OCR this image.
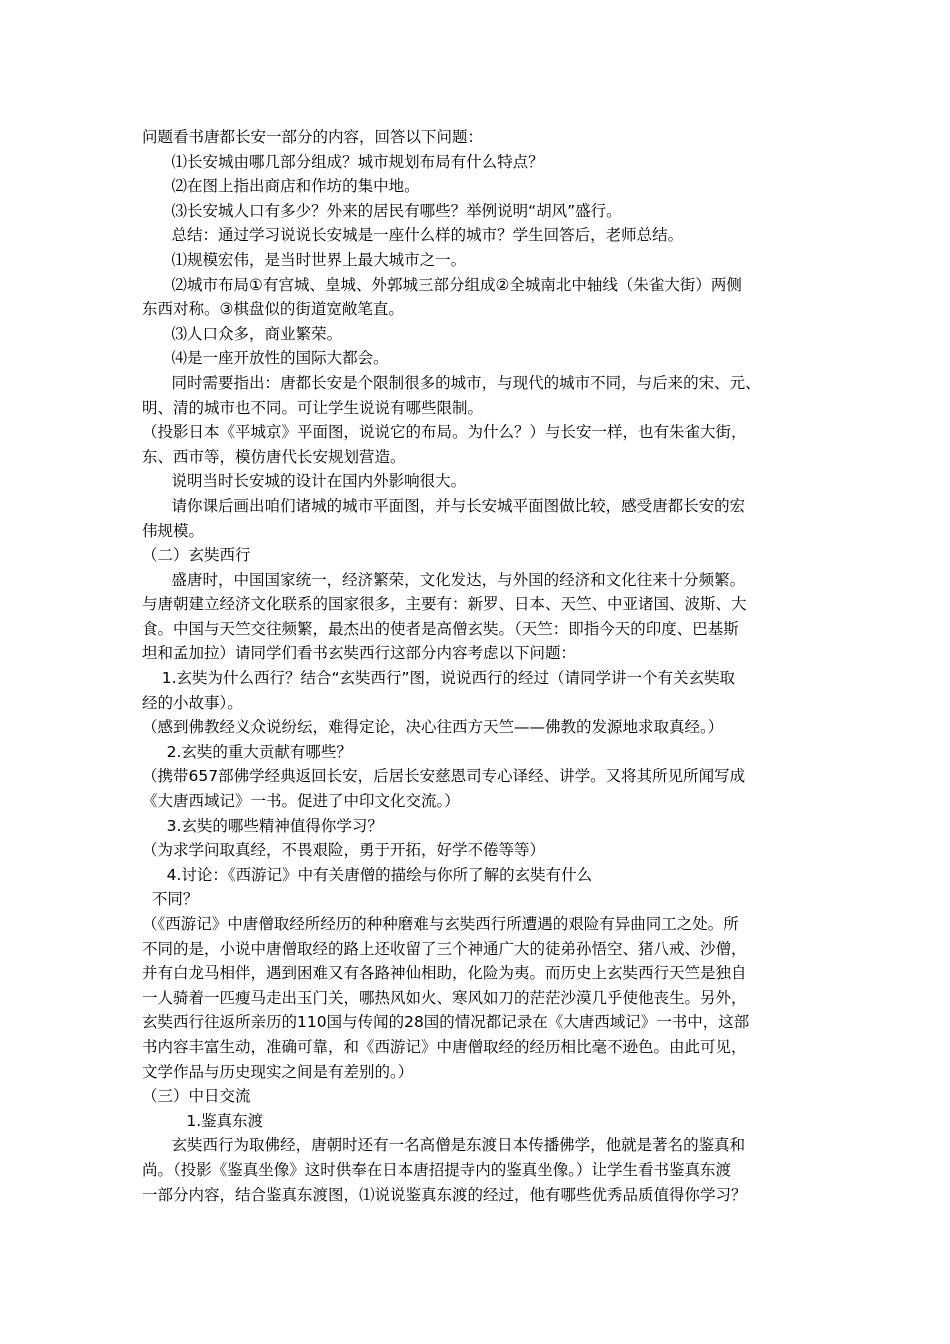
问题看书唐都长安一部分的内容，回答以下问题：
⑴长安城由哪几部分组成？城市规划布局有什么特点？
⑵在图上指出商店和作坊的集中地。
⑶长安城人口有多少？外来的居民有哪些？举例说明“胡风”盛行。
总结：通过学习说说长安城是一座什么样的城市？学生回答后，老师总结。
⑴规模宏伟，是当时世界上最大城市之一。
⑵城市布局①有宫城、皇城、外郭城三部分组成②全城南北中轴线（朱雀大街）两侧
东西对称。③棋盘似的街道宽敞笔直。
⑶人口众多，商业繁荣。
⑷是一座开放性的国际大都会。
同时需要指出：唐都长安是个限制很多的城市，与现代的城市不同，与后来的宋、元、
明、清的城市也不同。可让学生说说有哪些限制。
（投影日本《平城京》平面图，说说它的布局。为什么？）与长安一样，也有朱雀大街，
东、西市等，模仿唐代长安规划营造。
说明当时长安城的设计在国内外影响很大。
请你课后画出咱们诸城的城市平面图，并与长安城平面图做比较，感受唐都长安的宏
伟规模。
（二）玄奘西行
盛唐时，中国国家统一，经济繁荣，文化发达，与外国的经济和文化往来十分频繁。
与唐朝建立经济文化联系的国家很多，主要有：新罗、日本、天竺、中亚诸国、波斯、大
食。中国与天竺交往频繁，最杰出的使者是高僧玄奘。（天竺：即指今天的印度、巴基斯
坦和孟加拉）请同学们看书玄奘西行这部分内容考虑以下问题：
1.玄奘为什么西行？结合“玄奘西行”图，说说西行的经过（请同学讲一个有关玄奘取
经的小故事）。
（感到佛教经义众说纷纭，难得定论，决心往西方天竺——佛教的发源地求取真经。）
2.玄奘的重大贡献有哪些？
（携带657部佛学经典返回长安，后居长安慈恩司专心译经、讲学。又将其所见所闻写成
《大唐西域记》一书。促进了中印文化交流。）
3.玄奘的哪些精神值得你学习？
（为求学问取真经，不畏艰险，勇于开拓，好学不倦等等）
4.讨论：《西游记》中有关唐僧的描绘与你所了解的玄奘有什么
不同？
（《西游记》中唐僧取经所经历的种种磨难与玄奘西行所遭遇的艰险有异曲同工之处。所
不同的是，小说中唐僧取经的路上还收留了三个神通广大的徒弟孙悟空、猪八戒、沙僧，
并有白龙马相伴，遇到困难又有各路神仙相助，化险为夷。而历史上玄奘西行天竺是独自
一人骑着一匹瘦马走出玉门关，哪热风如火、寒风如刀的茫茫沙漠几乎使他丧生。另外，
玄奘西行往返所亲历的110国与传闻的28国的情况都记录在《大唐西域记》一书中，这部
书内容丰富生动，准确可靠，和《西游记》中唐僧取经的经历相比毫不逊色。由此可见，
文学作品与历史现实之间是有差别的。）
（三）中日交流
1.鉴真东渡
玄奘西行为取佛经，唐朝时还有一名高僧是东渡日本传播佛学，他就是著名的鉴真和
尚。（投影《鉴真坐像》这时供奉在日本唐招提寺内的鉴真坐像。）让学生看书鉴真东渡
一部分内容，结合鉴真东渡图，⑴说说鉴真东渡的经过，他有哪些优秀品质值得你学习？
